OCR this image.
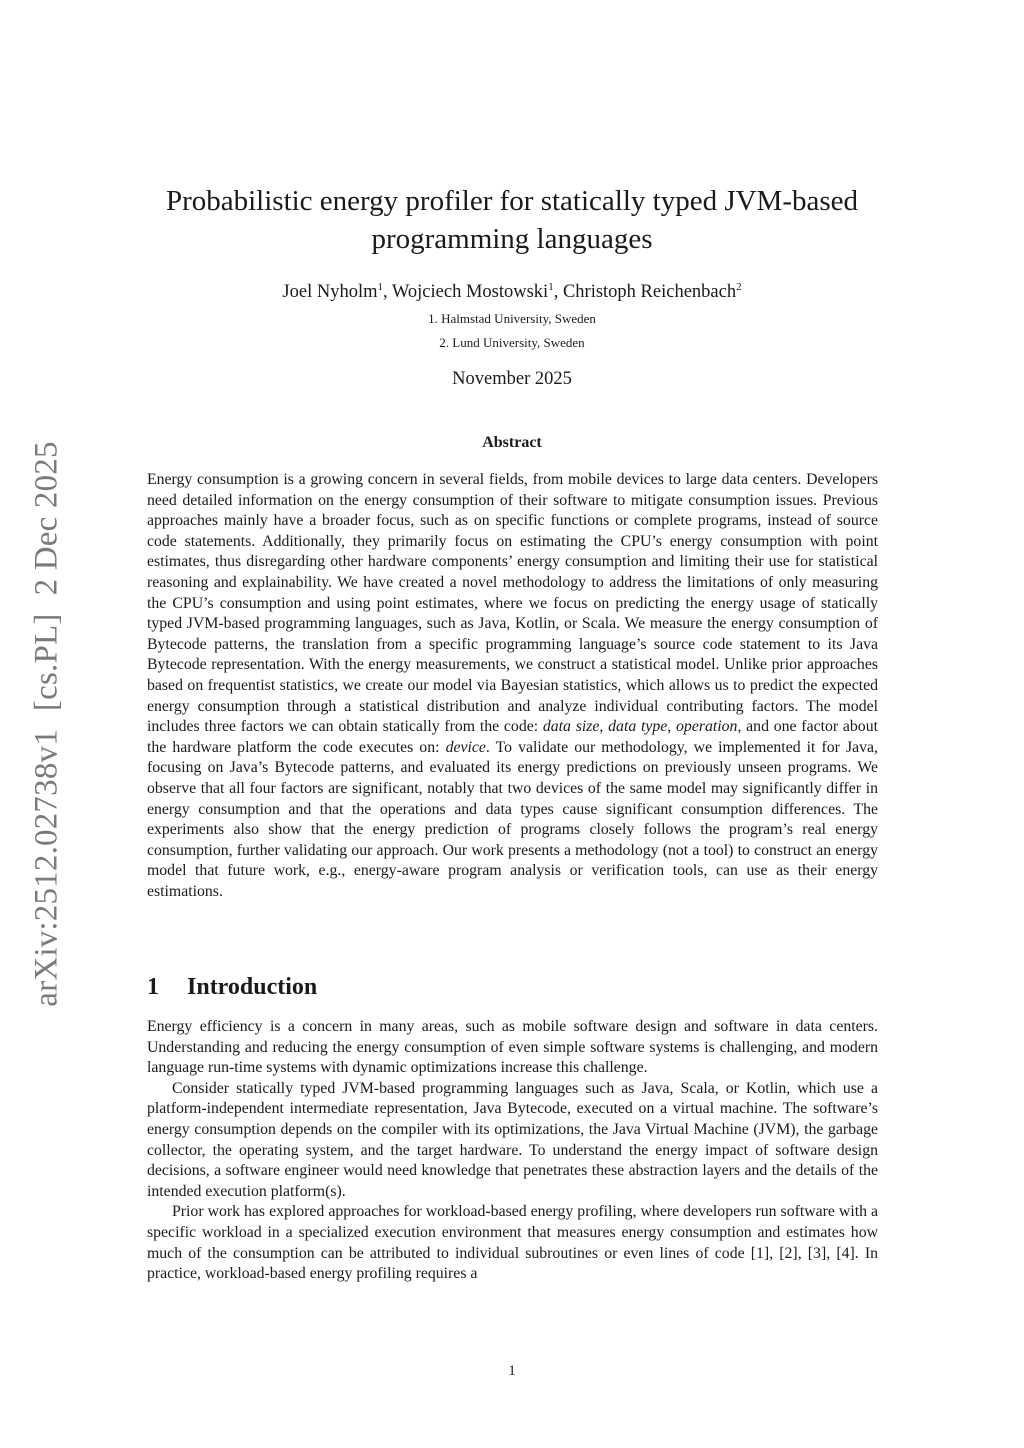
arXiv:2512.02738v1[cs.PL]2 Dec 2025
Probabilistic energy profiler for statically typed JVM-based
programming languages
Joel Nyholm$^1$, Wojciech Mostowski$^1$, Christoph Reichenbach$^2$
1. Halmstad University, Sweden
2. Lund University, Sweden
November 2025
Abstract

Energy consumption is a growing concern in several fields, from mobile devices to large data centers. Developers need detailed information on the energy consumption of their software to mitigate consumption issues. Previous approaches mainly have a broader focus, such as on specific functions or complete programs, instead of source code statements. Additionally, they primarily focus on estimating the CPU’s energy consumption with point estimates, thus disregarding other hardware components’ energy consumption and limiting their use for statistical reasoning and explainability. We have created a novel methodology to address the limitations of only measuring the CPU’s consumption and using point estimates, where we focus on predicting the energy usage of statically typed JVM-based programming languages, such as Java, Kotlin, or Scala. We measure the energy consumption of Bytecode patterns, the translation from a specific programming language’s source code statement to its Java Bytecode representation. With the energy measurements, we construct a statistical model. Unlike prior approaches based on frequentist statistics, we create our model via Bayesian statistics, which allows us to predict the expected energy consumption through a statistical distribution and analyze individual contributing factors. The model includes three factors we can obtain statically from the code: data size, data type, operation, and one factor about the hardware platform the code executes on: device. To validate our methodology, we implemented it for Java, focusing on Java’s Bytecode patterns, and evaluated its energy predictions on previously unseen programs. We observe that all four factors are significant, notably that two devices of the same model may significantly differ in energy consumption and that the operations and data types cause significant consumption differences. The experiments also show that the energy prediction of programs closely follows the program’s real energy consumption, further validating our approach. Our work presents a methodology (not a tool) to construct an energy model that future work, e.g., energy-aware program analysis or verification tools, can use as their energy estimations.

1 Introduction

Energy efficiency is a concern in many areas, such as mobile software design and software in data centers. Understanding and reducing the energy consumption of even simple software systems is challenging, and modern language run-time systems with dynamic optimizations increase this challenge.

Consider statically typed JVM-based programming languages such as Java, Scala, or Kotlin, which use a platform-independent intermediate representation, Java Bytecode, executed on a virtual machine. The software’s energy consumption depends on the compiler with its optimizations, the Java Virtual Machine (JVM), the garbage collector, the operating system, and the target hardware. To understand the energy impact of software design decisions, a software engineer would need knowledge that penetrates these abstraction layers and the details of the intended execution platform(s).

Prior work has explored approaches for workload-based energy profiling, where developers run software with a specific workload in a specialized execution environment that measures energy consumption and estimates how much of the consumption can be attributed to individual subroutines or even lines of code [1], [2], [3], [4]. In practice, workload-based energy profiling requires a

1
